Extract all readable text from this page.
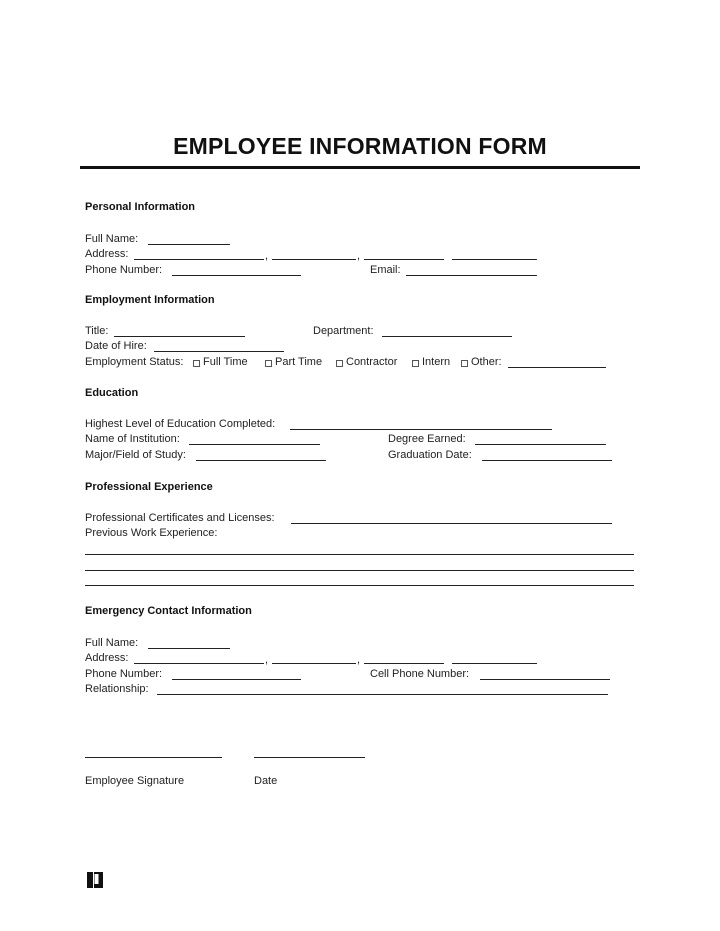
EMPLOYEE INFORMATION FORM
Personal Information
Full Name:
Address:	,	,
Phone Number:	Email:
Employment Information
Title:	Department:
Date of Hire:
Employment Status: Full Time Part Time Contractor Intern Other:
Education
Highest Level of Education Completed:
Name of Institution:	Degree Earned:
Major/Field of Study:	Graduation Date:
Professional Experience
Professional Certificates and Licenses:
Previous Work Experience:
Emergency Contact Information
Full Name:
Address:	,	,
Phone Number:	Cell Phone Number:
Relationship:
Employee Signature	Date
